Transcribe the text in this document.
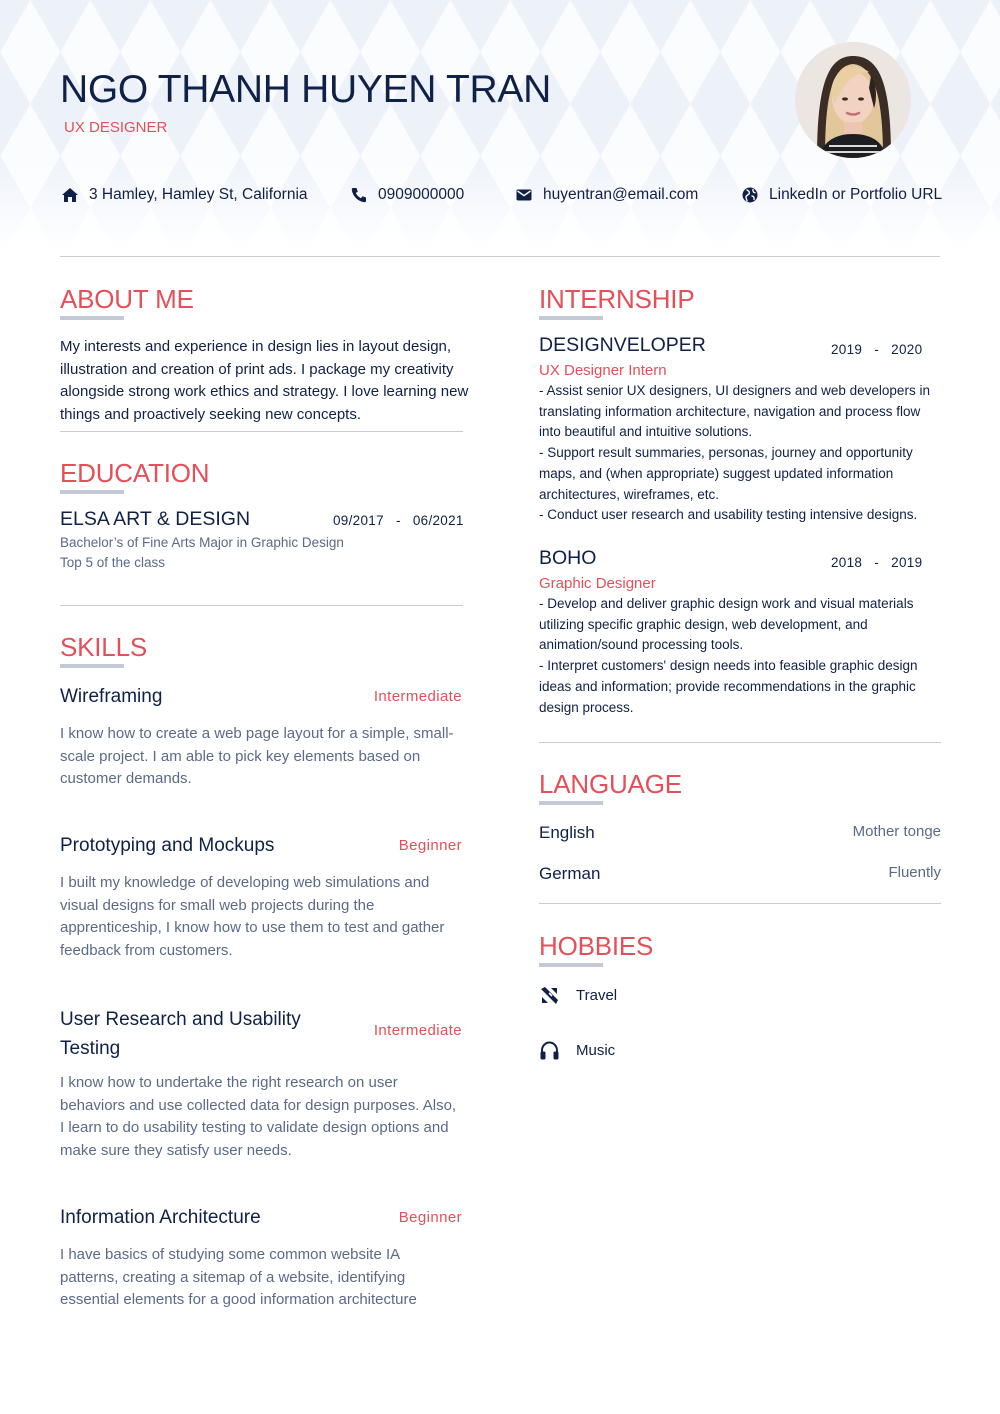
NGO THANH HUYEN TRAN
UX DESIGNER
3 Hamley, Hamley St, California	0909000000	huyentran@email.com	LinkedIn or Portfolio URL
ABOUT ME
My interests and experience in design lies in layout design, illustration and creation of print ads. I package my creativity alongside strong work ethics and strategy. I love learning new things and proactively seeking new concepts.
EDUCATION
ELSA ART & DESIGN	09/2017 - 06/2021
Bachelor’s of Fine Arts Major in Graphic Design
Top 5 of the class
SKILLS
Wireframing	Intermediate
I know how to create a web page layout for a simple, small-scale project. I am able to pick key elements based on customer demands.
Prototyping and Mockups	Beginner
I built my knowledge of developing web simulations and visual designs for small web projects during the apprenticeship, I know how to use them to test and gather feedback from customers.
User Research and Usability Testing
Intermediate
I know how to undertake the right research on user behaviors and use collected data for design purposes. Also, I learn to do usability testing to validate design options and make sure they satisfy user needs.
Information Architecture	Beginner
I have basics of studying some common website IA patterns, creating a sitemap of a website, identifying essential elements for a good information architecture
INTERNSHIP
DESIGNVELOPER	2019 - 2020
UX Designer Intern
- Assist senior UX designers, UI designers and web developers in translating information architecture, navigation and process flow into beautiful and intuitive solutions.
- Support result summaries, personas, journey and opportunity maps, and (when appropriate) suggest updated information architectures, wireframes, etc.
- Conduct user research and usability testing intensive designs.
BOHO	2018 - 2019
Graphic Designer
- Develop and deliver graphic design work and visual materials utilizing specific graphic design, web development, and animation/sound processing tools.
- Interpret customers' design needs into feasible graphic design ideas and information; provide recommendations in the graphic design process.
LANGUAGE
English	Mother tonge
German	Fluently
HOBBIES
Travel
Music
